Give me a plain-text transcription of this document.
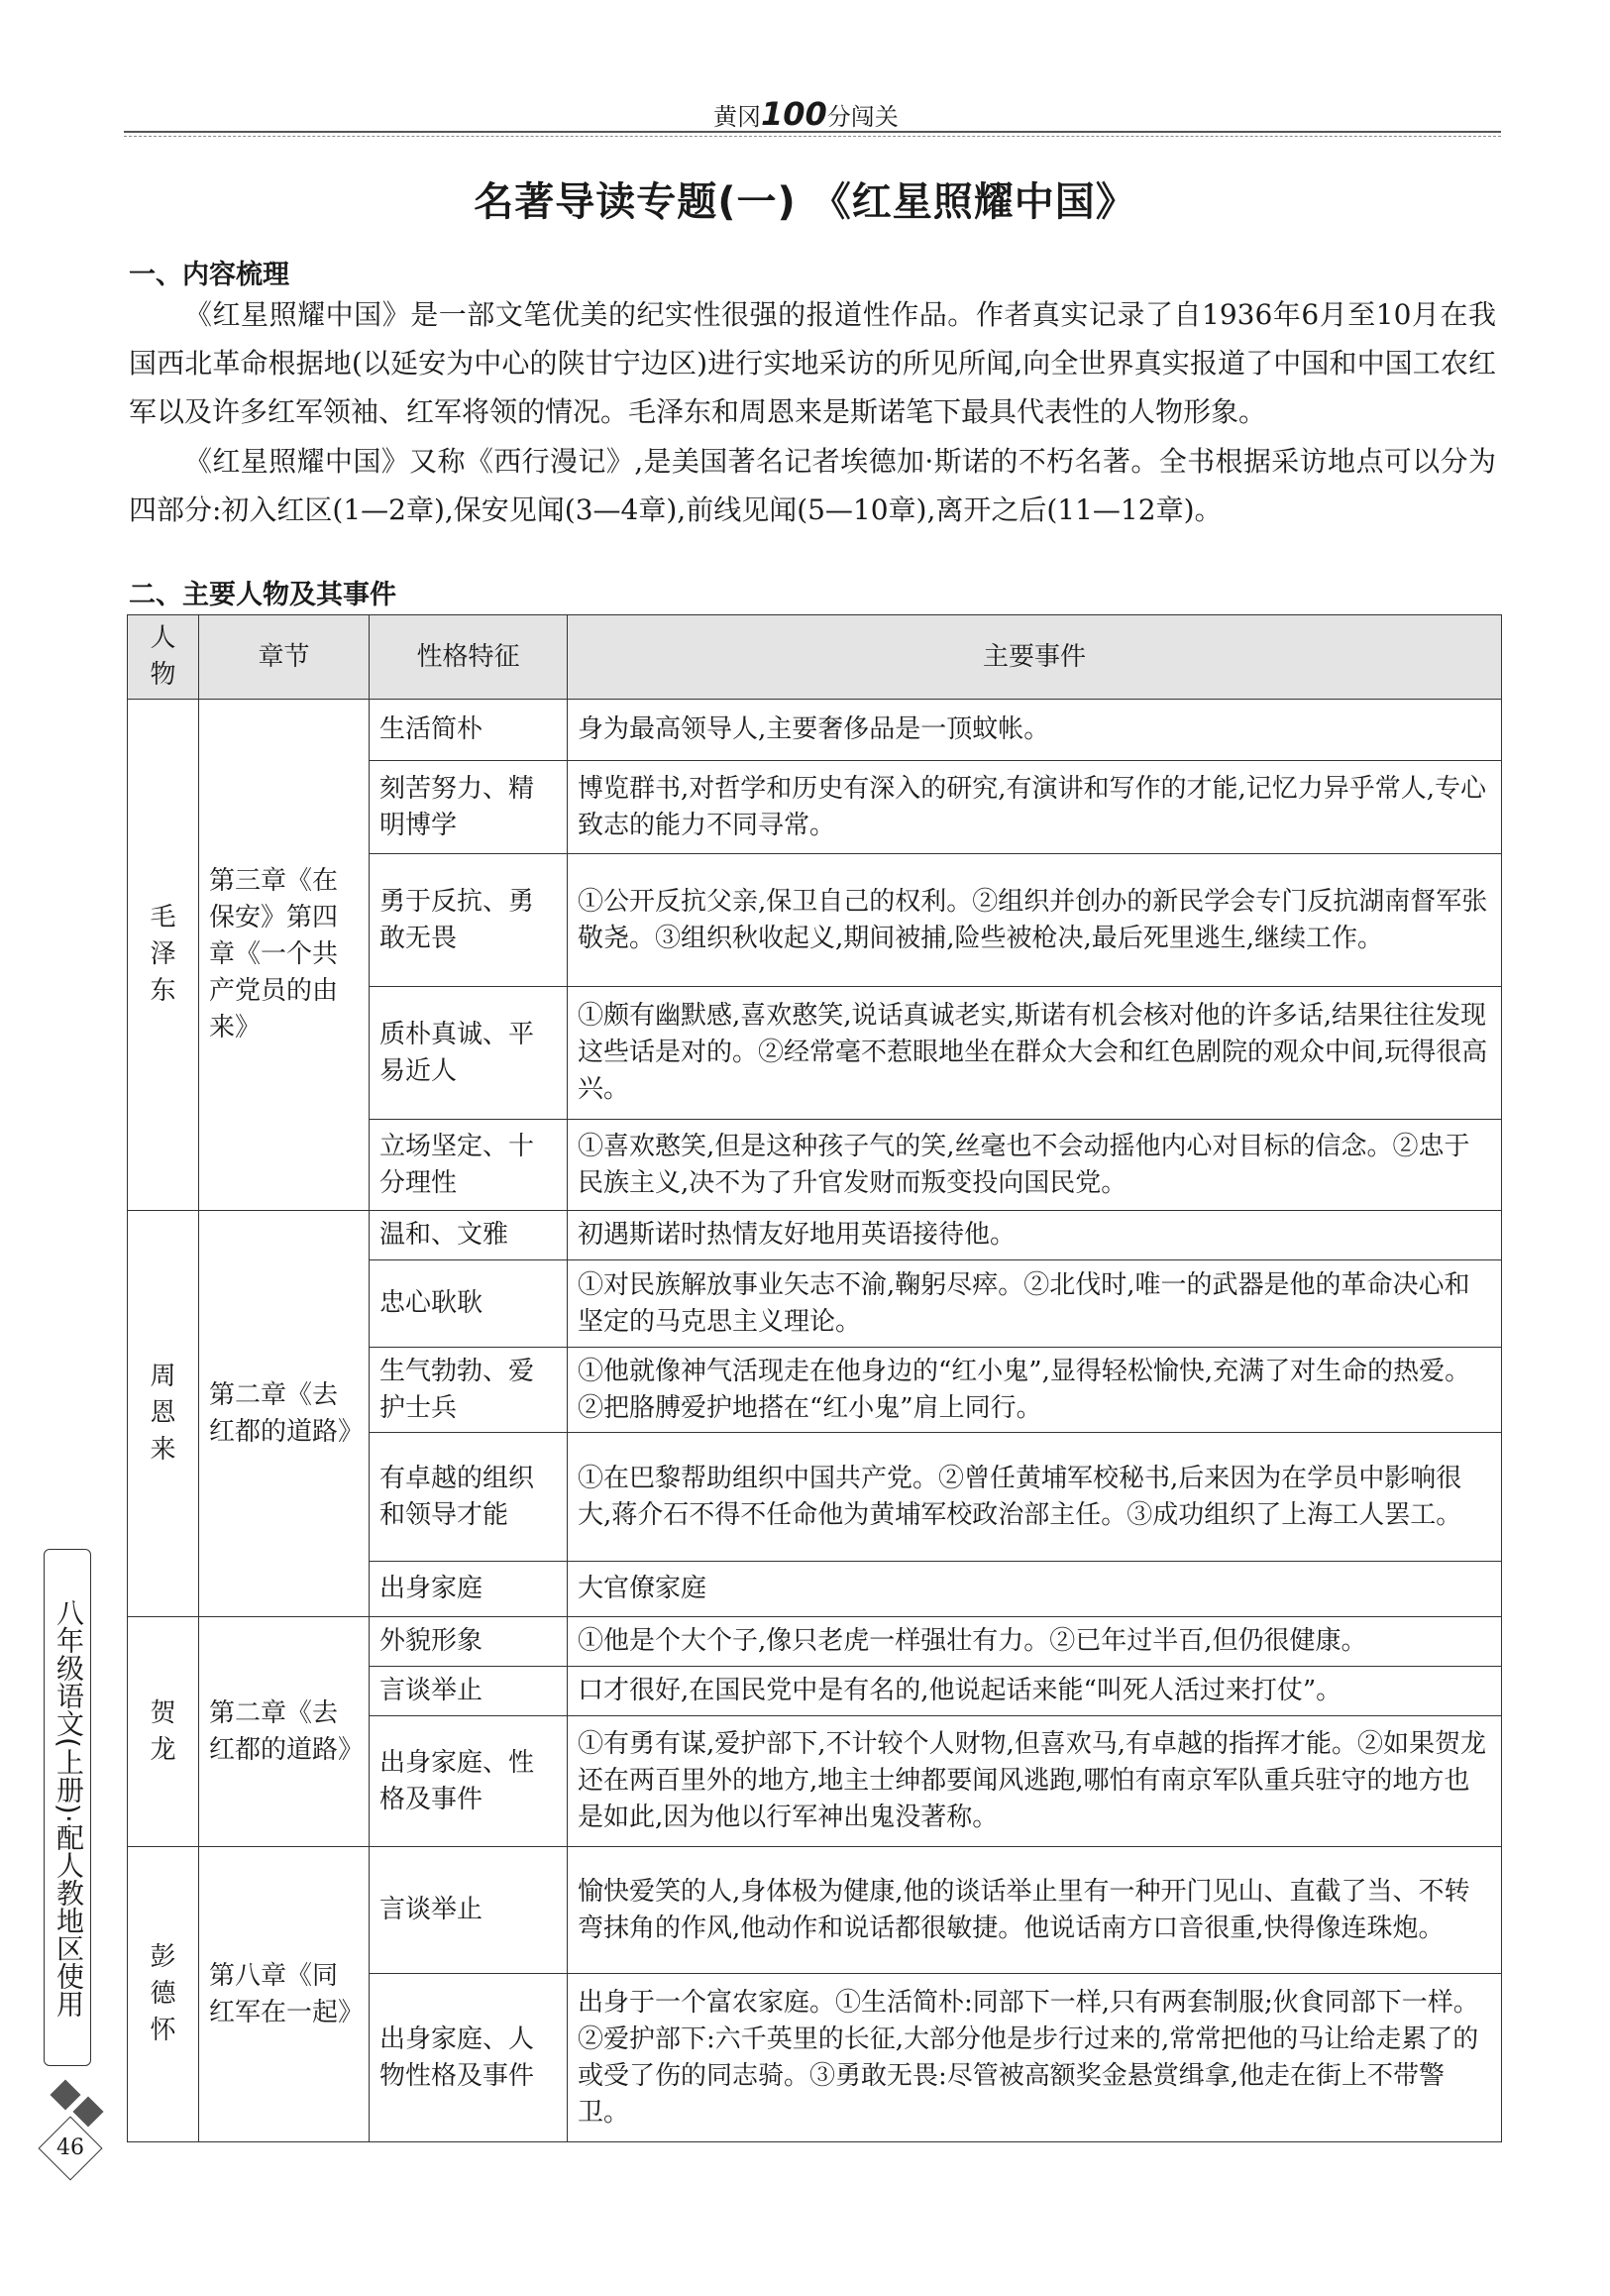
黄冈100分闯关
名著导读专题(一) 《红星照耀中国》
一、内容梳理
《红星照耀中国》是一部文笔优美的纪实性很强的报道性作品。作者真实记录了自1936年6月至10月在我国西北革命根据地(以延安为中心的陕甘宁边区)进行实地采访的所见所闻,向全世界真实报道了中国和中国工农红军以及许多红军领袖、红军将领的情况。毛泽东和周恩来是斯诺笔下最具代表性的人物形象。
《红星照耀中国》又称《西行漫记》,是美国著名记者埃德加·斯诺的不朽名著。全书根据采访地点可以分为四部分:初入红区(1—2章),保安见闻(3—4章),前线见闻(5—10章),离开之后(11—12章)。
二、主要人物及其事件
人物	章节	性格特征	主要事件
毛泽东	第三章《在保安》第四章《一个共产党员的由来》	生活简朴	身为最高领导人,主要奢侈品是一顶蚊帐。
		刻苦努力、精明博学	博览群书,对哲学和历史有深入的研究,有演讲和写作的才能,记忆力异乎常人,专心致志的能力不同寻常。
		勇于反抗、勇敢无畏	①公开反抗父亲,保卫自己的权利。②组织并创办的新民学会专门反抗湖南督军张敬尧。③组织秋收起义,期间被捕,险些被枪决,最后死里逃生,继续工作。
		质朴真诚、平易近人	①颇有幽默感,喜欢憨笑,说话真诚老实,斯诺有机会核对他的许多话,结果往往发现这些话是对的。②经常毫不惹眼地坐在群众大会和红色剧院的观众中间,玩得很高兴。
		立场坚定、十分理性	①喜欢憨笑,但是这种孩子气的笑,丝毫也不会动摇他内心对目标的信念。②忠于民族主义,决不为了升官发财而叛变投向国民党。
周恩来	第二章《去红都的道路》	温和、文雅	初遇斯诺时热情友好地用英语接待他。
		忠心耿耿	①对民族解放事业矢志不渝,鞠躬尽瘁。②北伐时,唯一的武器是他的革命决心和坚定的马克思主义理论。
		生气勃勃、爱护士兵	①他就像神气活现走在他身边的“红小鬼”,显得轻松愉快,充满了对生命的热爱。②把胳膊爱护地搭在“红小鬼”肩上同行。
		有卓越的组织和领导才能	①在巴黎帮助组织中国共产党。②曾任黄埔军校秘书,后来因为在学员中影响很大,蒋介石不得不任命他为黄埔军校政治部主任。③成功组织了上海工人罢工。
		出身家庭	大官僚家庭
贺龙	第二章《去红都的道路》	外貌形象	①他是个大个子,像只老虎一样强壮有力。②已年过半百,但仍很健康。
		言谈举止	口才很好,在国民党中是有名的,他说起话来能“叫死人活过来打仗”。
		出身家庭、性格及事件	①有勇有谋,爱护部下,不计较个人财物,但喜欢马,有卓越的指挥才能。②如果贺龙还在两百里外的地方,地主士绅都要闻风逃跑,哪怕有南京军队重兵驻守的地方也是如此,因为他以行军神出鬼没著称。
彭德怀	第八章《同红军在一起》	言谈举止	愉快爱笑的人,身体极为健康,他的谈话举止里有一种开门见山、直截了当、不转弯抹角的作风,他动作和说话都很敏捷。他说话南方口音很重,快得像连珠炮。
		出身家庭、人物性格及事件	出身于一个富农家庭。①生活简朴:同部下一样,只有两套制服;伙食同部下一样。②爱护部下:六千英里的长征,大部分他是步行过来的,常常把他的马让给走累了的或受了伤的同志骑。③勇敢无畏:尽管被高额奖金悬赏缉拿,他走在街上不带警卫。
八年级语文(上册)·配人教地区使用
46
